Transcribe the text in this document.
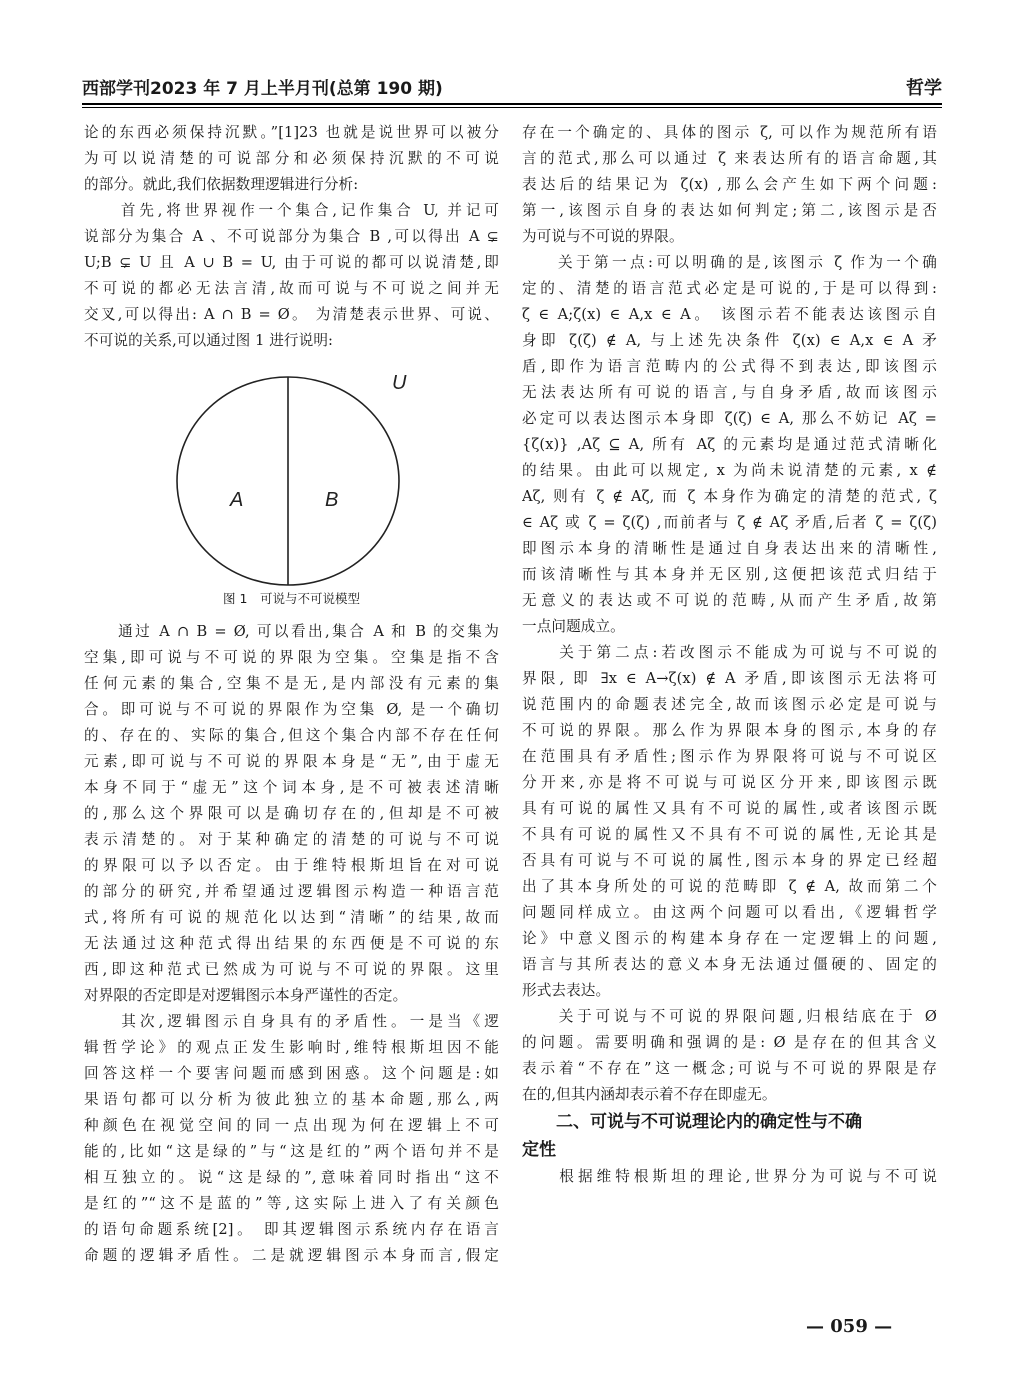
西部学刊2023 年 7 月上半月刊(总第 190 期)	哲学
论的东西必须保持沉默。”[1]23 也就是说世界可以被分
为可以说清楚的可说部分和必须保持沉默的不可说
的部分。就此,我们依据数理逻辑进行分析:
　　首先,将世界视作一个集合,记作集合 U, 并记可
说部分为集合 A 、不可说部分为集合 B ,可以得出 A ⊊
U;B ⊊ U 且 A ∪ B = U, 由于可说的都可以说清楚,即
不可说的都必无法言清,故而可说与不可说之间并无
交叉,可以得出: A ∩ B = Ø。 为清楚表示世界、可说、
不可说的关系,可以通过图 1 进行说明:
U
A	B
图 1　可说与不可说模型
　　通过 A ∩ B = Ø, 可以看出,集合 A 和 B 的交集为
空集,即可说与不可说的界限为空集。空集是指不含
任何元素的集合,空集不是无,是内部没有元素的集
合。即可说与不可说的界限作为空集 Ø, 是一个确切
的、存在的、实际的集合,但这个集合内部不存在任何
元素,即可说与不可说的界限本身是“无”,由于虚无
本身不同于“虚无”这个词本身,是不可被表述清晰
的,那么这个界限可以是确切存在的,但却是不可被
表示清楚的。对于某种确定的清楚的可说与不可说
的界限可以予以否定。由于维特根斯坦旨在对可说
的部分的研究,并希望通过逻辑图示构造一种语言范
式,将所有可说的规范化以达到“清晰”的结果,故而
无法通过这种范式得出结果的东西便是不可说的东
西,即这种范式已然成为可说与不可说的界限。这里
对界限的否定即是对逻辑图示本身严谨性的否定。
　　其次,逻辑图示自身具有的矛盾性。一是当《逻
辑哲学论》的观点正发生影响时,维特根斯坦因不能
回答这样一个要害问题而感到困惑。这个问题是:如
果语句都可以分析为彼此独立的基本命题,那么,两
种颜色在视觉空间的同一点出现为何在逻辑上不可
能的,比如“这是绿的”与“这是红的”两个语句并不是
相互独立的。说“这是绿的”,意味着同时指出“这不
是红的”“这不是蓝的”等,这实际上进入了有关颜色
的语句命题系统[2]。 即其逻辑图示系统内存在语言
命题的逻辑矛盾性。二是就逻辑图示本身而言,假定
存在一个确定的、具体的图示 ζ, 可以作为规范所有语
言的范式,那么可以通过 ζ 来表达所有的语言命题,其
表达后的结果记为 ζ(x) ,那么会产生如下两个问题:
第一,该图示自身的表达如何判定;第二,该图示是否
为可说与不可说的界限。
　　关于第一点:可以明确的是,该图示 ζ 作为一个确
定的、清楚的语言范式必定是可说的,于是可以得到:
ζ ∈ A;ζ(x) ∈ A,x ∈ A。 该图示若不能表达该图示自
身即 ζ(ζ) ∉ A, 与上述先决条件 ζ(x) ∈ A,x ∈ A 矛
盾,即作为语言范畴内的公式得不到表达,即该图示
无法表达所有可说的语言,与自身矛盾,故而该图示
必定可以表达图示本身即 ζ(ζ) ∈ A, 那么不妨记 Aζ =
{ζ(x)} ,Aζ ⊆ A, 所有 Aζ 的元素均是通过范式清晰化
的结果。由此可以规定, x 为尚未说清楚的元素, x ∉
Aζ, 则有 ζ ∉ Aζ, 而 ζ 本身作为确定的清楚的范式, ζ
∈ Aζ 或 ζ = ζ(ζ) ,而前者与 ζ ∉ Aζ 矛盾,后者 ζ = ζ(ζ)
即图示本身的清晰性是通过自身表达出来的清晰性,
而该清晰性与其本身并无区别,这便把该范式归结于
无意义的表达或不可说的范畴,从而产生矛盾,故第
一点问题成立。
　　关于第二点:若改图示不能成为可说与不可说的
界限, 即 ∃x ∈ A→ζ(x) ∉ A 矛盾,即该图示无法将可
说范围内的命题表述完全,故而该图示必定是可说与
不可说的界限。那么作为界限本身的图示,本身的存
在范围具有矛盾性;图示作为界限将可说与不可说区
分开来,亦是将不可说与可说区分开来,即该图示既
具有可说的属性又具有不可说的属性,或者该图示既
不具有可说的属性又不具有不可说的属性,无论其是
否具有可说与不可说的属性,图示本身的界定已经超
出了其本身所处的可说的范畴即 ζ ∉ A, 故而第二个
问题同样成立。由这两个问题可以看出,《逻辑哲学
论》中意义图示的构建本身存在一定逻辑上的问题,
语言与其所表达的意义本身无法通过僵硬的、固定的
形式去表达。
　　关于可说与不可说的界限问题,归根结底在于 Ø
的问题。需要明确和强调的是: Ø 是存在的但其含义
表示着“不存在”这一概念;可说与不可说的界限是存
在的,但其内涵却表示着不存在即虚无。
　　二、可说与不可说理论内的确定性与不确
定性
　　根据维特根斯坦的理论,世界分为可说与不可说
— 059 —
